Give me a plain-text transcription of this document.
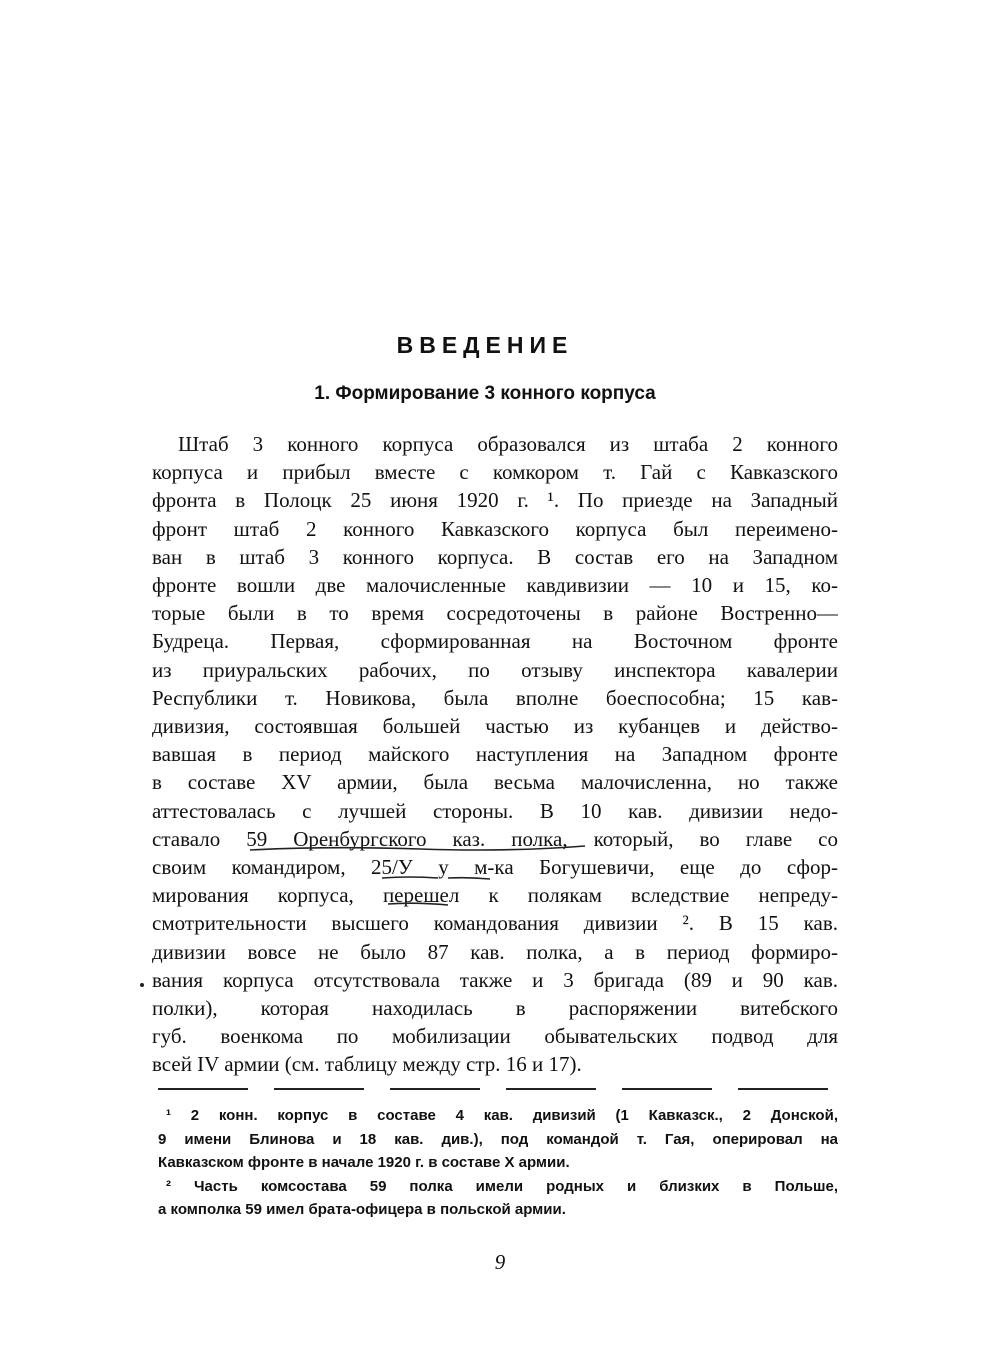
ВВЕДЕНИЕ
1. Формирование 3 конного корпуса
Штаб 3 конного корпуса образовался из штаба 2 конного
корпуса и прибыл вместе с комкором т. Гай с Кавказского
фронта в Полоцк 25 июня 1920 г. ¹. По приезде на Западный
фронт штаб 2 конного Кавказского корпуса был переимено-
ван в штаб 3 конного корпуса. В состав его на Западном
фронте вошли две малочисленные кавдивизии — 10 и 15, ко-
торые были в то время сосредоточены в районе Востренно—
Будреца. Первая, сформированная на Восточном фронте
из приуральских рабочих, по отзыву инспектора кавалерии
Республики т. Новикова, была вполне боеспособна; 15 кав-
дивизия, состоявшая большей частью из кубанцев и действо-
вавшая в период майского наступления на Западном фронте
в составе XV армии, была весьма малочисленна, но также
аттестовалась с лучшей стороны. В 10 кав. дивизии недо-
ставало 59 Оренбургского каз. полка, который, во главе со
своим командиром, 25/У у м-ка Богушевичи, еще до сфор-
мирования корпуса, перешел к полякам вследствие непреду-
смотрительности высшего командования дивизии ². В 15 кав.
дивизии вовсе не было 87 кав. полка, а в период формиро-
вания корпуса отсутствовала также и 3 бригада (89 и 90 кав.
полки), которая находилась в распоряжении витебского
губ. военкома по мобилизации обывательских подвод для
всей IV армии (см. таблицу между стр. 16 и 17).
¹ 2 конн. корпус в составе 4 кав. дивизий (1 Кавказск., 2 Донской,
9 имени Блинова и 18 кав. див.), под командой т. Гая, оперировал на
Кавказском фронте в начале 1920 г. в составе X армии.
² Часть комсостава 59 полка имели родных и близких в Польше,
а комполка 59 имел брата-офицера в польской армии.
9
